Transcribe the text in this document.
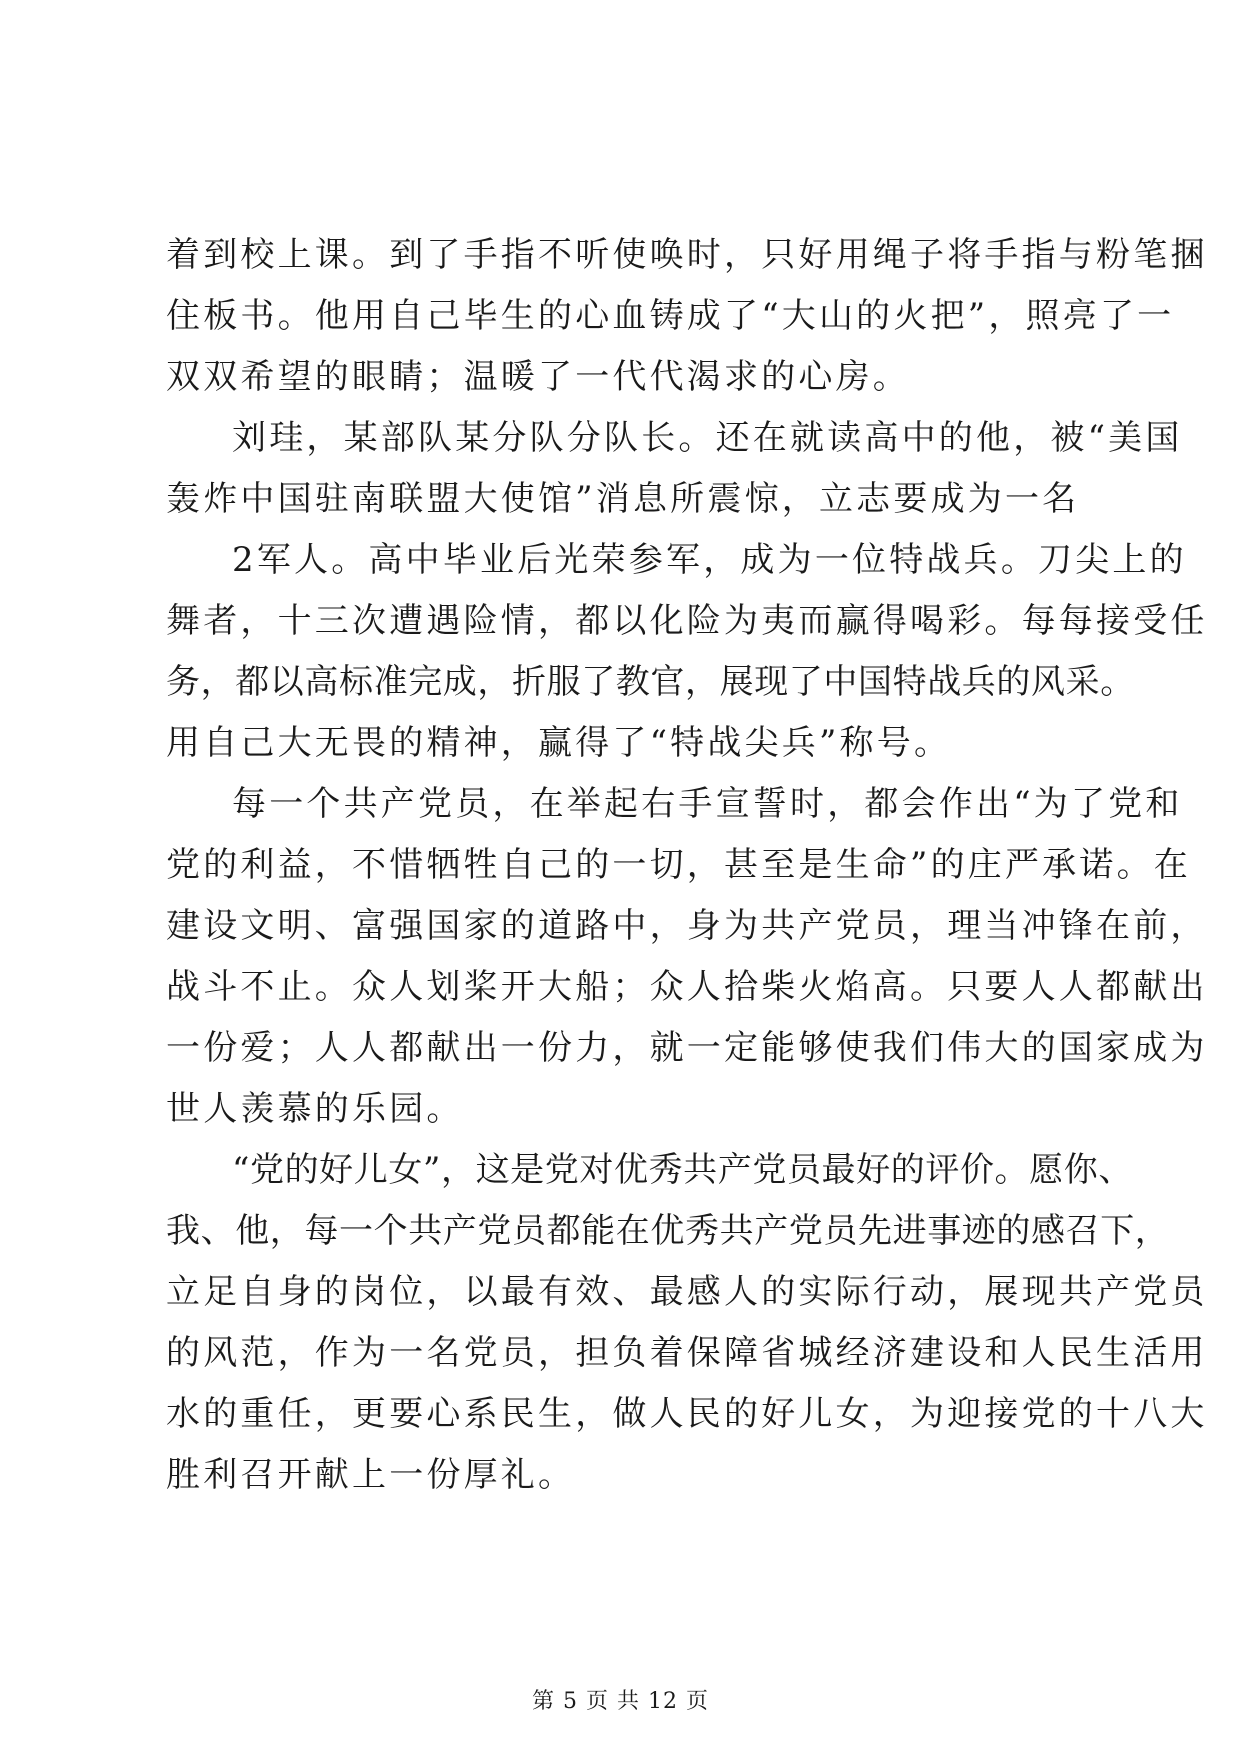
着到校上课。到了手指不听使唤时，只好用绳子将手指与粉笔捆
住板书。他用自己毕生的心血铸成了“大山的火把”，照亮了一
双双希望的眼睛；温暖了一代代渴求的心房。
刘珪，某部队某分队分队长。还在就读高中的他，被“美国
轰炸中国驻南联盟大使馆”消息所震惊，立志要成为一名
2军人。高中毕业后光荣参军，成为一位特战兵。刀尖上的
舞者，十三次遭遇险情，都以化险为夷而赢得喝彩。每每接受任
务，都以高标准完成，折服了教官，展现了中国特战兵的风采。
用自己大无畏的精神，赢得了“特战尖兵”称号。
每一个共产党员，在举起右手宣誓时，都会作出“为了党和
党的利益，不惜牺牲自己的一切，甚至是生命”的庄严承诺。在
建设文明、富强国家的道路中，身为共产党员，理当冲锋在前，
战斗不止。众人划桨开大船；众人拾柴火焰高。只要人人都献出
一份爱；人人都献出一份力，就一定能够使我们伟大的国家成为
世人羡慕的乐园。
“党的好儿女”，这是党对优秀共产党员最好的评价。愿你、
我、他，每一个共产党员都能在优秀共产党员先进事迹的感召下，
立足自身的岗位，以最有效、最感人的实际行动，展现共产党员
的风范，作为一名党员，担负着保障省城经济建设和人民生活用
水的重任，更要心系民生，做人民的好儿女，为迎接党的十八大
胜利召开献上一份厚礼。
第 5 页 共 12 页
